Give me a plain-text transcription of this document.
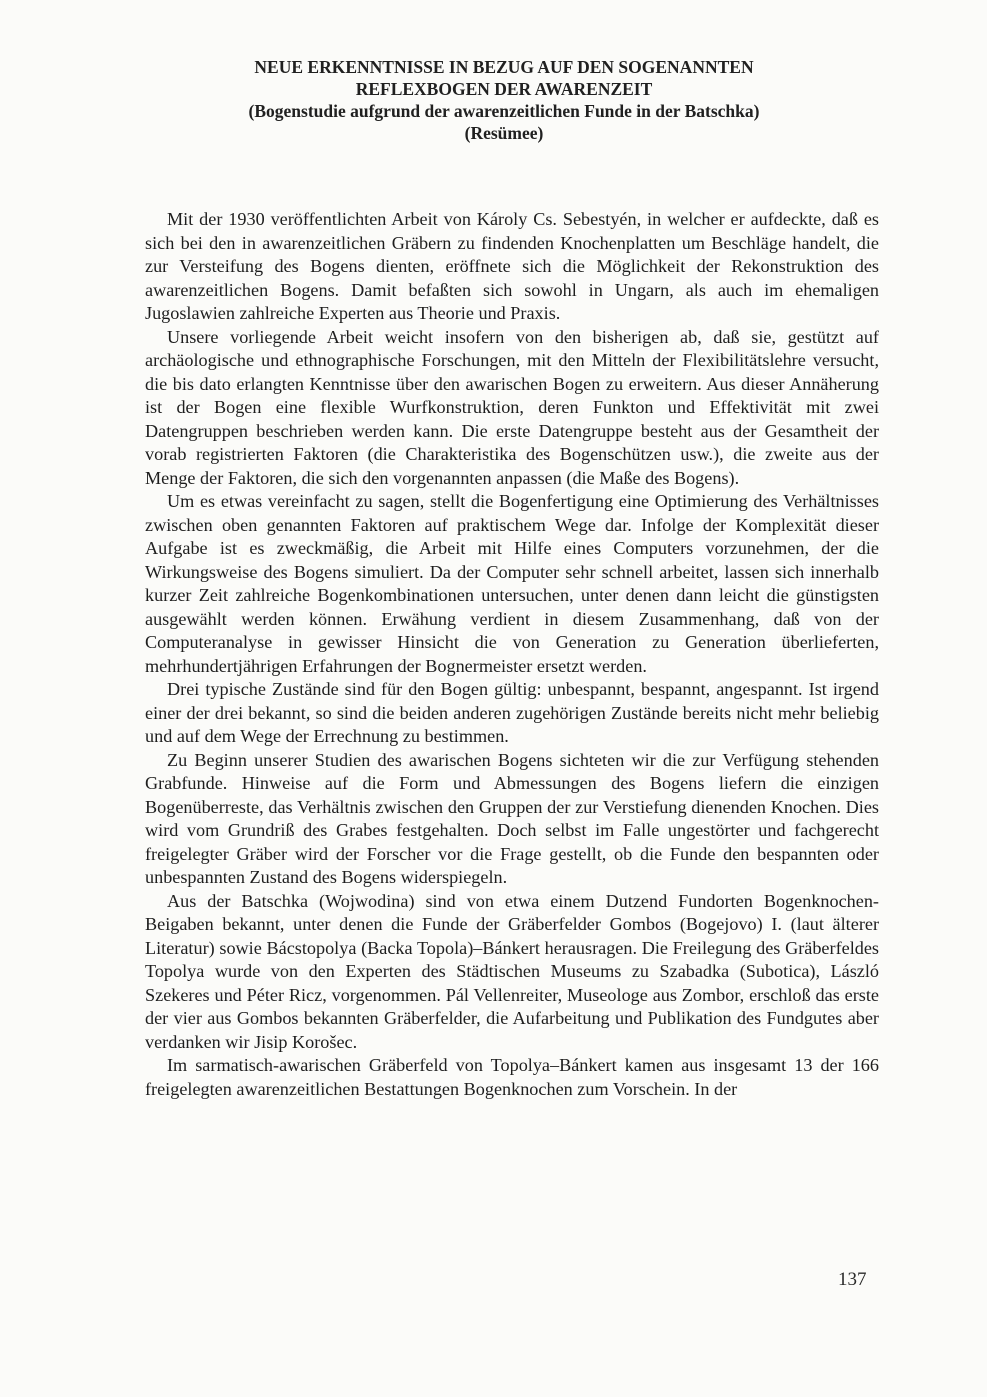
NEUE ERKENNTNISSE IN BEZUG AUF DEN SOGENANNTEN
REFLEXBOGEN DER AWARENZEIT
(Bogenstudie aufgrund der awarenzeitlichen Funde in der Batschka)
(Resümee)

Mit der 1930 veröffentlichten Arbeit von Károly Cs. Sebestyén, in welcher er aufdeckte, daß es sich bei den in awarenzeitlichen Gräbern zu findenden Knochenplatten um Beschläge handelt, die zur Versteifung des Bogens dienten, eröffnete sich die Möglichkeit der Rekonstruktion des awarenzeitlichen Bogens. Damit befaßten sich sowohl in Ungarn, als auch im ehemaligen Jugoslawien zahlreiche Experten aus Theorie und Praxis.

Unsere vorliegende Arbeit weicht insofern von den bisherigen ab, daß sie, gestützt auf archäologische und ethnographische Forschungen, mit den Mitteln der Flexibilitätslehre versucht, die bis dato erlangten Kenntnisse über den awarischen Bogen zu erweitern. Aus dieser Annäherung ist der Bogen eine flexible Wurfkonstruktion, deren Funkton und Effektivität mit zwei Datengruppen beschrieben werden kann. Die erste Datengruppe besteht aus der Gesamtheit der vorab registrierten Faktoren (die Charakteristika des Bogenschützen usw.), die zweite aus der Menge der Faktoren, die sich den vorgenannten anpassen (die Maße des Bogens).

Um es etwas vereinfacht zu sagen, stellt die Bogenfertigung eine Optimierung des Verhältnisses zwischen oben genannten Faktoren auf praktischem Wege dar. Infolge der Komplexität dieser Aufgabe ist es zweckmäßig, die Arbeit mit Hilfe eines Computers vorzunehmen, der die Wirkungsweise des Bogens simuliert. Da der Computer sehr schnell arbeitet, lassen sich innerhalb kurzer Zeit zahlreiche Bogenkombinationen untersuchen, unter denen dann leicht die günstigsten ausgewählt werden können. Erwähung verdient in diesem Zusammenhang, daß von der Computeranalyse in gewisser Hinsicht die von Generation zu Generation überlieferten, mehrhundertjährigen Erfahrungen der Bognermeister ersetzt werden.

Drei typische Zustände sind für den Bogen gültig: unbespannt, bespannt, angespannt. Ist irgend einer der drei bekannt, so sind die beiden anderen zugehörigen Zustände bereits nicht mehr beliebig und auf dem Wege der Errechnung zu bestimmen.

Zu Beginn unserer Studien des awarischen Bogens sichteten wir die zur Verfügung stehenden Grabfunde. Hinweise auf die Form und Abmessungen des Bogens liefern die einzigen Bogenüberreste, das Verhältnis zwischen den Gruppen der zur Verstiefung dienenden Knochen. Dies wird vom Grundriß des Grabes festgehalten. Doch selbst im Falle ungestörter und fachgerecht freigelegter Gräber wird der Forscher vor die Frage gestellt, ob die Funde den bespannten oder unbespannten Zustand des Bogens widerspiegeln.

Aus der Batschka (Wojwodina) sind von etwa einem Dutzend Fundorten Bogenknochen-Beigaben bekannt, unter denen die Funde der Gräberfelder Gombos (Bogejovo) I. (laut älterer Literatur) sowie Bácstopolya (Backa Topola)–Bánkert herausragen. Die Freilegung des Gräberfeldes Topolya wurde von den Experten des Städtischen Museums zu Szabadka (Subotica), László Szekeres und Péter Ricz, vorgenommen. Pál Vellenreiter, Museologe aus Zombor, erschloß das erste der vier aus Gombos bekannten Gräberfelder, die Aufarbeitung und Publikation des Fundgutes aber verdanken wir Jisip Korošec.

Im sarmatisch-awarischen Gräberfeld von Topolya–Bánkert kamen aus insgesamt 13 der 166 freigelegten awarenzeitlichen Bestattungen Bogenknochen zum Vorschein. In der

137
